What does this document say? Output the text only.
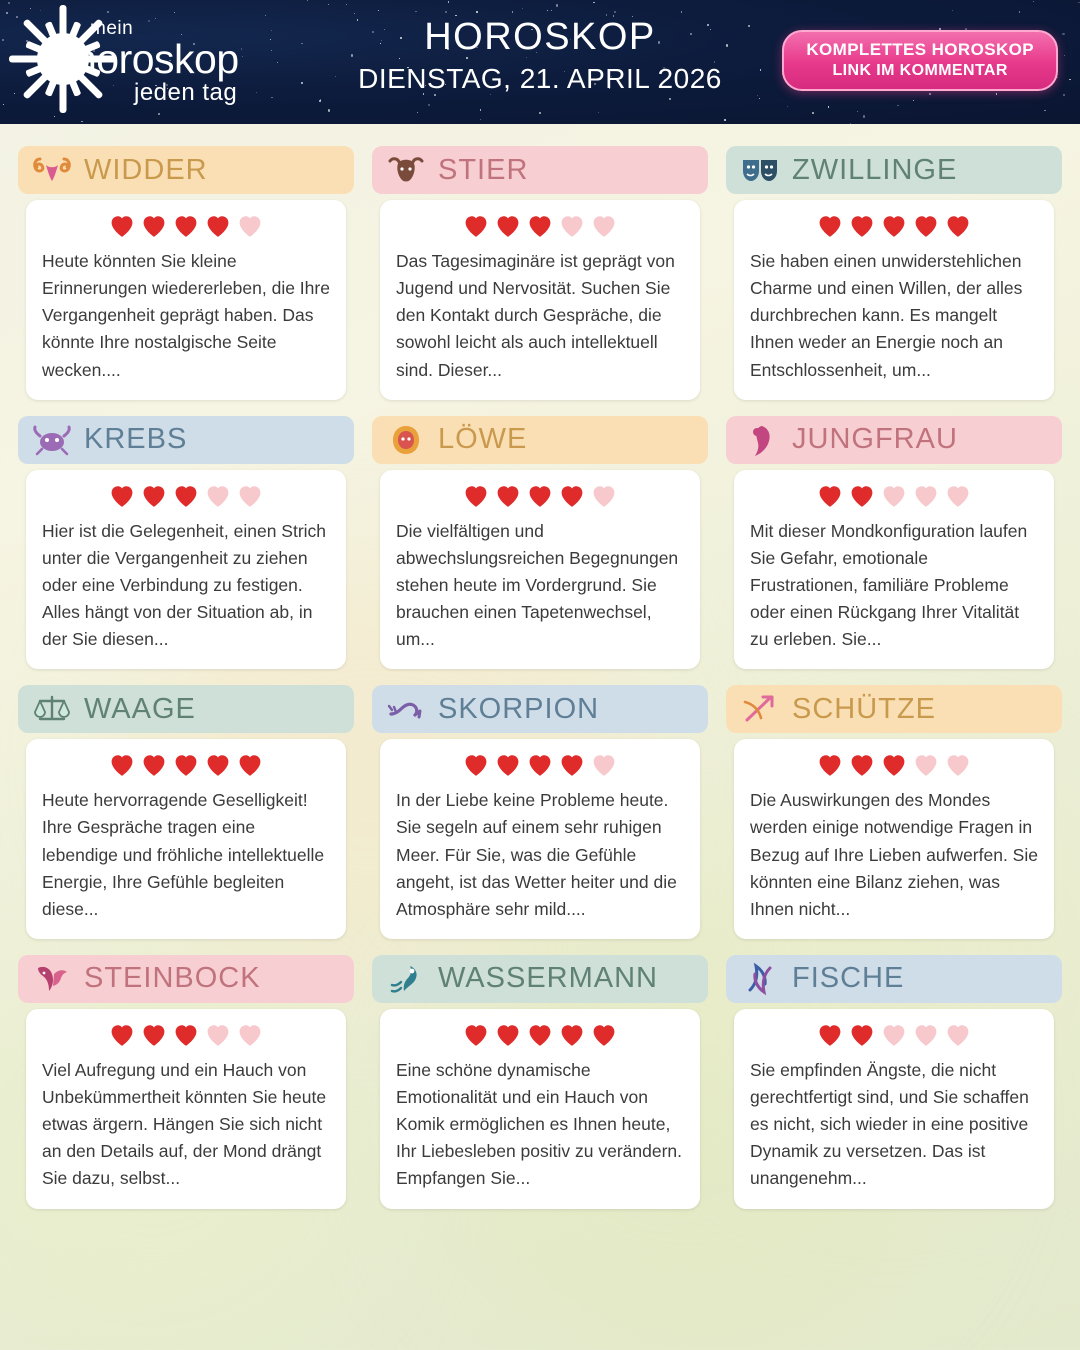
mein
horoskop
jeden tag
HOROSKOP
DIENSTAG, 21. APRIL 2026
KOMPLETTES HOROSKOP
LINK IM KOMMENTAR
WIDDER
Heute könnten Sie kleine Erinnerungen wiedererleben, die Ihre Vergangenheit geprägt haben. Das könnte Ihre nostalgische Seite wecken....
STIER
Das Tagesimaginäre ist geprägt von Jugend und Nervosität. Suchen Sie den Kontakt durch Gespräche, die sowohl leicht als auch intellektuell sind. Dieser...
ZWILLINGE
Sie haben einen unwiderstehlichen Charme und einen Willen, der alles durchbrechen kann. Es mangelt Ihnen weder an Energie noch an Entschlossenheit, um...
KREBS
Hier ist die Gelegenheit, einen Strich unter die Vergangenheit zu ziehen oder eine Verbindung zu festigen. Alles hängt von der Situation ab, in der Sie diesen...
LÖWE
Die vielfältigen und abwechslungsreichen Begegnungen stehen heute im Vordergrund. Sie brauchen einen Tapetenwechsel, um...
JUNGFRAU
Mit dieser Mondkonfiguration laufen Sie Gefahr, emotionale Frustrationen, familiäre Probleme oder einen Rückgang Ihrer Vitalität zu erleben. Sie...
WAAGE
Heute hervorragende Geselligkeit! Ihre Gespräche tragen eine lebendige und fröhliche intellektuelle Energie, Ihre Gefühle begleiten diese...
SKORPION
In der Liebe keine Probleme heute. Sie segeln auf einem sehr ruhigen Meer. Für Sie, was die Gefühle angeht, ist das Wetter heiter und die Atmosphäre sehr mild....
SCHÜTZE
Die Auswirkungen des Mondes werden einige notwendige Fragen in Bezug auf Ihre Lieben aufwerfen. Sie könnten eine Bilanz ziehen, was Ihnen nicht...
STEINBOCK
Viel Aufregung und ein Hauch von Unbekümmertheit könnten Sie heute etwas ärgern. Hängen Sie sich nicht an den Details auf, der Mond drängt Sie dazu, selbst...
WASSERMANN
Eine schöne dynamische Emotionalität und ein Hauch von Komik ermöglichen es Ihnen heute, Ihr Liebesleben positiv zu verändern. Empfangen Sie...
FISCHE
Sie empfinden Ängste, die nicht gerechtfertigt sind, und Sie schaffen es nicht, sich wieder in eine positive Dynamik zu versetzen. Das ist unangenehm...
